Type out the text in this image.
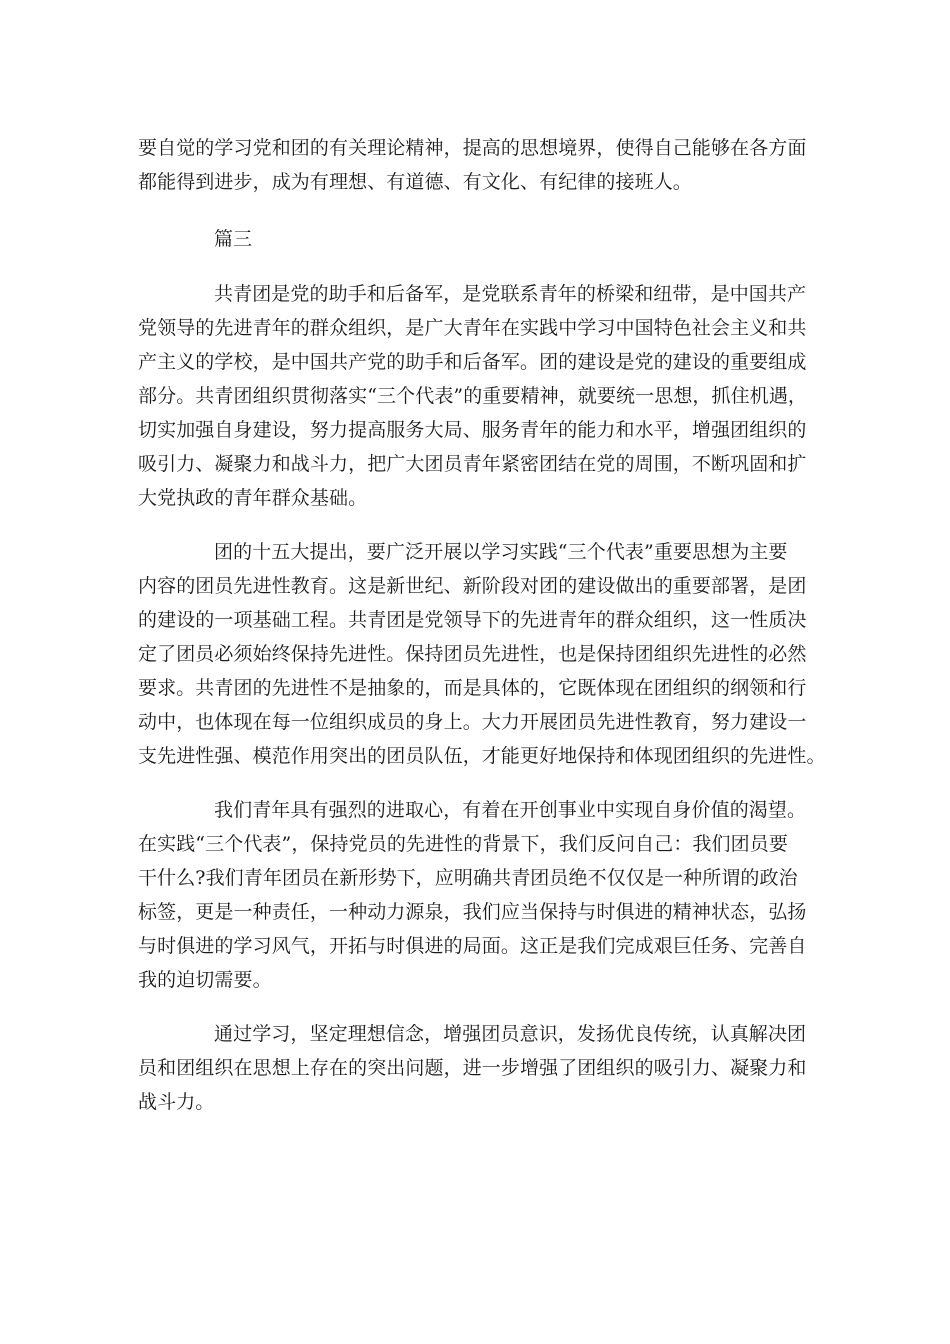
要自觉的学习党和团的有关理论精神，提高的思想境界，使得自己能够在各方面
都能得到进步，成为有理想、有道德、有文化、有纪律的接班人。
篇三
共青团是党的助手和后备军，是党联系青年的桥梁和纽带，是中国共产
党领导的先进青年的群众组织，是广大青年在实践中学习中国特色社会主义和共
产主义的学校，是中国共产党的助手和后备军。团的建设是党的建设的重要组成
部分。共青团组织贯彻落实“三个代表”的重要精神，就要统一思想，抓住机遇，
切实加强自身建设，努力提高服务大局、服务青年的能力和水平，增强团组织的
吸引力、凝聚力和战斗力，把广大团员青年紧密团结在党的周围，不断巩固和扩
大党执政的青年群众基础。
团的十五大提出，要广泛开展以学习实践“三个代表”重要思想为主要
内容的团员先进性教育。这是新世纪、新阶段对团的建设做出的重要部署，是团
的建设的一项基础工程。共青团是党领导下的先进青年的群众组织，这一性质决
定了团员必须始终保持先进性。保持团员先进性，也是保持团组织先进性的必然
要求。共青团的先进性不是抽象的，而是具体的，它既体现在团组织的纲领和行
动中，也体现在每一位组织成员的身上。大力开展团员先进性教育，努力建设一
支先进性强、模范作用突出的团员队伍，才能更好地保持和体现团组织的先进性。
我们青年具有强烈的进取心，有着在开创事业中实现自身价值的渴望。
在实践“三个代表”，保持党员的先进性的背景下，我们反问自己：我们团员要
干什么?我们青年团员在新形势下，应明确共青团员绝不仅仅是一种所谓的政治
标签，更是一种责任，一种动力源泉，我们应当保持与时俱进的精神状态，弘扬
与时俱进的学习风气，开拓与时俱进的局面。这正是我们完成艰巨任务、完善自
我的迫切需要。
通过学习，坚定理想信念，增强团员意识，发扬优良传统，认真解决团
员和团组织在思想上存在的突出问题，进一步增强了团组织的吸引力、凝聚力和
战斗力。
